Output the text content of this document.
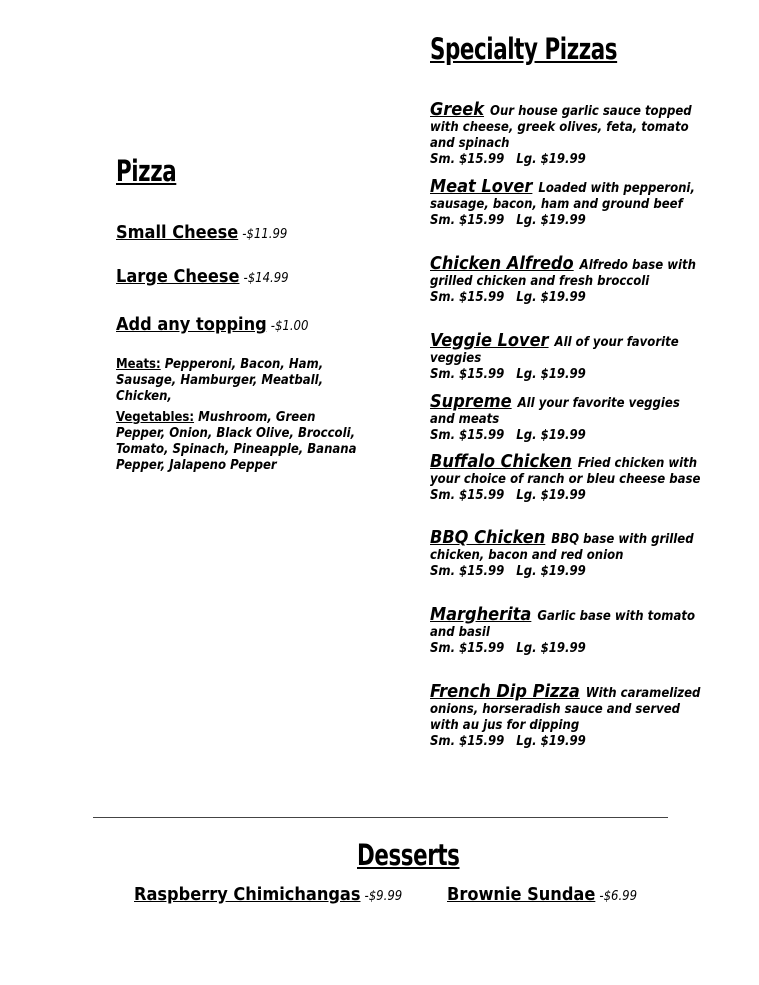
Pizza
Small Cheese -$11.99
Large Cheese -$14.99
Add any topping -$1.00
Meats: Pepperoni, Bacon, Ham, Sausage, Hamburger, Meatball, Chicken,
Vegetables: Mushroom, Green Pepper, Onion, Black Olive, Broccoli, Tomato, Spinach, Pineapple, Banana Pepper, Jalapeno Pepper
Specialty Pizzas
Greek Our house garlic sauce topped with cheese, greek olives, feta, tomato and spinach
Sm. $15.99 Lg. $19.99
Meat Lover Loaded with pepperoni, sausage, bacon, ham and ground beef
Sm. $15.99 Lg. $19.99
Chicken Alfredo Alfredo base with grilled chicken and fresh broccoli
Sm. $15.99 Lg. $19.99
Veggie Lover All of your favorite veggies
Sm. $15.99 Lg. $19.99
Supreme All your favorite veggies and meats
Sm. $15.99 Lg. $19.99
Buffalo Chicken Fried chicken with your choice of ranch or bleu cheese base
Sm. $15.99 Lg. $19.99
BBQ Chicken BBQ base with grilled chicken, bacon and red onion
Sm. $15.99 Lg. $19.99
Margherita Garlic base with tomato and basil
Sm. $15.99 Lg. $19.99
French Dip Pizza With caramelized onions, horseradish sauce and served with au jus for dipping
Sm. $15.99 Lg. $19.99
Desserts
Raspberry Chimichangas -$9.99 Brownie Sundae -$6.99
